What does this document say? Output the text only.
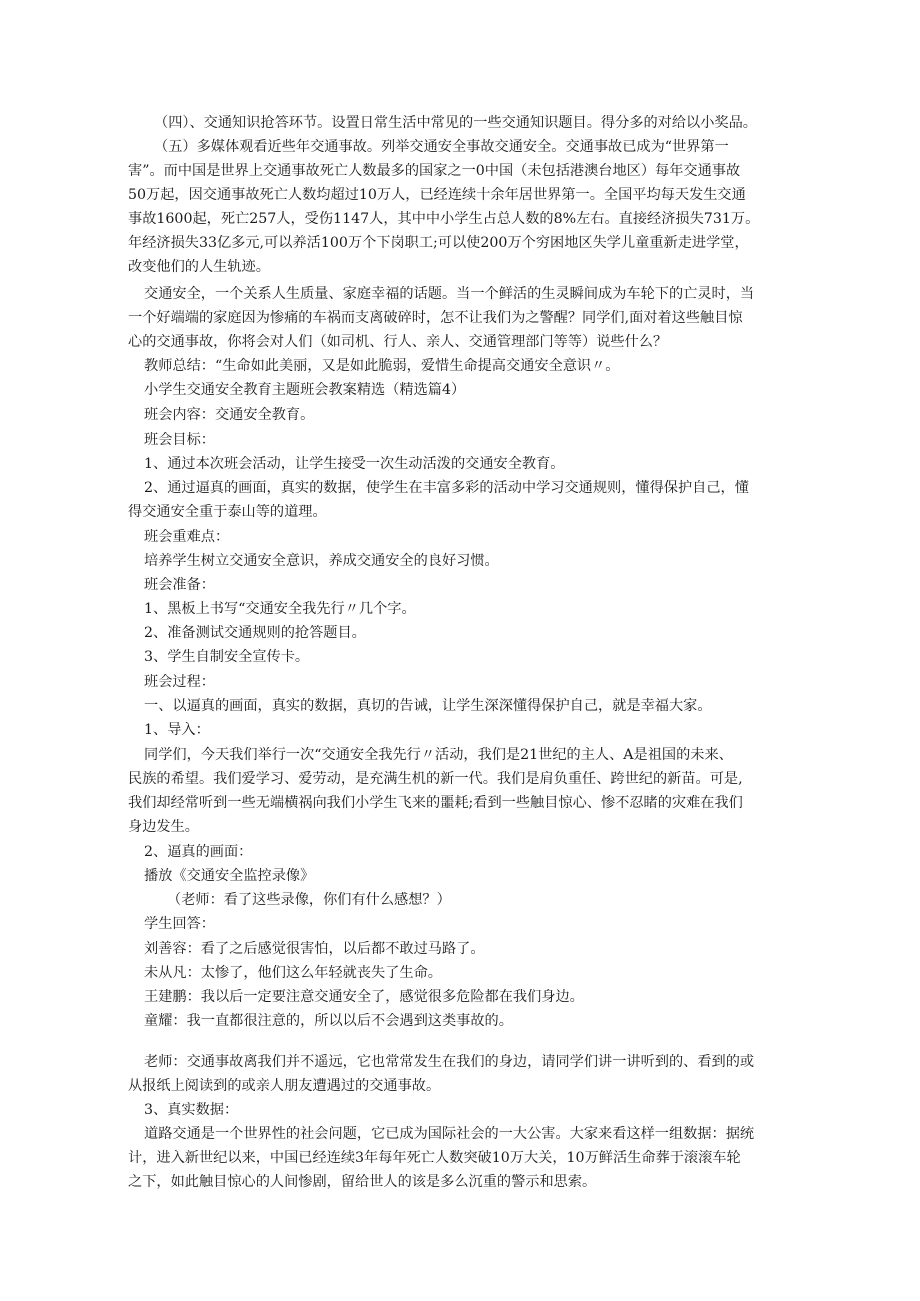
（四）、交通知识抢答环节。设置日常生活中常见的一些交通知识题目。得分多的对给以小奖品。
（五）多媒体观看近些年交通事故。列举交通安全事故交通安全。交通事故已成为“世界第一
害”。而中国是世界上交通事故死亡人数最多的国家之一0中国（未包括港澳台地区）每年交通事故
50万起，因交通事故死亡人数均超过10万人，已经连续十余年居世界第一。全国平均每天发生交通
事故1600起，死亡257人，受伤1147人，其中中小学生占总人数的8%左右。直接经济损失731万。
年经济损失33亿多元,可以养活100万个下岗职工;可以使200万个穷困地区失学儿童重新走进学堂，
改变他们的人生轨迹。
交通安全，一个关系人生质量、家庭幸福的话题。当一个鲜活的生灵瞬间成为车轮下的亡灵时，当
一个好端端的家庭因为惨痛的车祸而支离破碎时，怎不让我们为之警醒？同学们,面对着这些触目惊
心的交通事故，你将会对人们（如司机、行人、亲人、交通管理部门等等）说些什么？
教师总结：“生命如此美丽，又是如此脆弱，爱惜生命提高交通安全意识〃。
小学生交通安全教育主题班会教案精选（精选篇4）
班会内容：交通安全教育。
班会目标：
1、通过本次班会活动，让学生接受一次生动活泼的交通安全教育。
2、通过逼真的画面，真实的数据，使学生在丰富多彩的活动中学习交通规则，懂得保护自己，懂
得交通安全重于泰山等的道理。
班会重难点：
培养学生树立交通安全意识，养成交通安全的良好习惯。
班会准备：
1、黑板上书写“交通安全我先行〃几个字。
2、准备测试交通规则的抢答题目。
3、学生自制安全宣传卡。
班会过程：
一、以逼真的画面，真实的数据，真切的告诫，让学生深深懂得保护自己，就是幸福大家。
1、导入：
同学们，今天我们举行一次“交通安全我先行〃活动，我们是21世纪的主人、A是祖国的未来、
民族的希望。我们爱学习、爱劳动，是充满生机的新一代。我们是肩负重任、跨世纪的新苗。可是,
我们却经常听到一些无端横祸向我们小学生飞来的噩耗;看到一些触目惊心、惨不忍睹的灾难在我们
身边发生。
2、逼真的画面：
播放《交通安全监控录像》
（老师：看了这些录像，你们有什么感想？）
学生回答：
刘善容：看了之后感觉很害怕，以后都不敢过马路了。
未从凡：太惨了，他们这么年轻就丧失了生命。
王建鹏：我以后一定要注意交通安全了，感觉很多危险都在我们身边。
童耀：我一直都很注意的，所以以后不会遇到这类事故的。
老师：交通事故离我们并不遥远，它也常常发生在我们的身边，请同学们讲一讲听到的、看到的或
从报纸上阅读到的或亲人朋友遭遇过的交通事故。
3、真实数据：
道路交通是一个世界性的社会问题，它已成为国际社会的一大公害。大家来看这样一组数据：据统
计，进入新世纪以来，中国已经连续3年每年死亡人数突破10万大关，10万鲜活生命葬于滚滚车轮
之下，如此触目惊心的人间惨剧，留给世人的该是多么沉重的警示和思索。
